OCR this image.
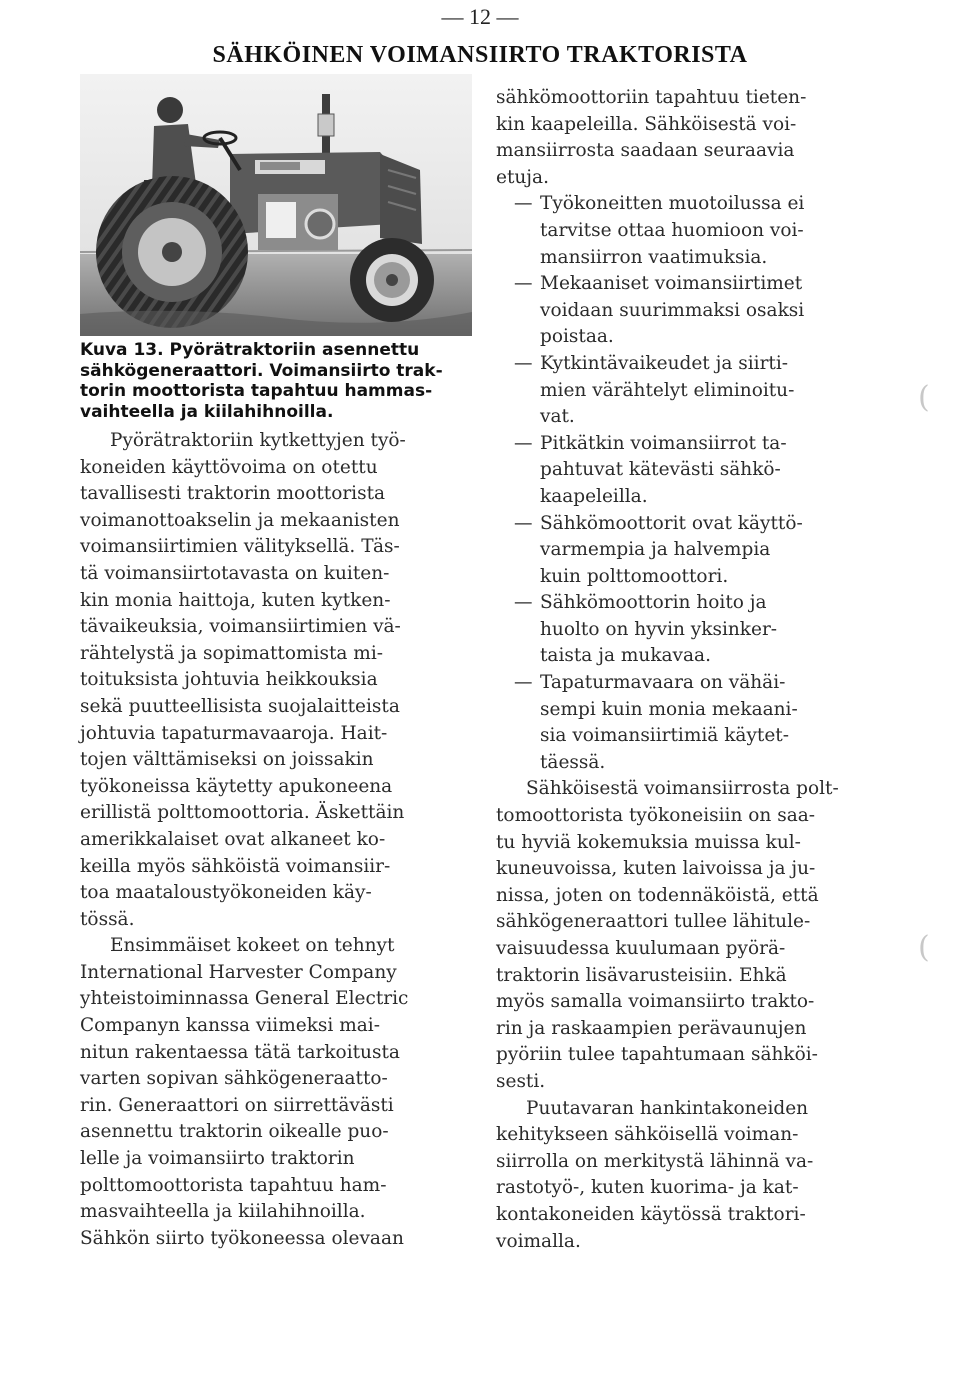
— 12 —
SÄHKÖINEN VOIMANSIIRTO TRAKTORISTA
Kuva 13. Pyörätraktoriin asennettu
sähkögeneraattori. Voimansiirto trak-
torin moottorista tapahtuu hammas-
vaihteella ja kiilahihnoilla.

Pyörätraktoriin kytkettyjen työ-

koneiden käyttövoima on otettu

tavallisesti traktorin moottorista

voimanottoakselin ja mekaanisten

voimansiirtimien välityksellä. Täs-

tä voimansiirtotavasta on kuiten-

kin monia haittoja, kuten kytken-

tävaikeuksia, voimansiirtimien vä-

rähtelystä ja sopimattomista mi-

toituksista johtuvia heikkouksia

sekä puutteellisista suojalaitteista

johtuvia tapaturmavaaroja. Hait-

tojen välttämiseksi on joissakin

työkoneissa käytetty apukoneena

erillistä polttomoottoria. Äskettäin

amerikkalaiset ovat alkaneet ko-

keilla myös sähköistä voimansiir-

toa maataloustyökoneiden käy-

tössä.

Ensimmäiset kokeet on tehnyt

International Harvester Company

yhteistoiminnassa General Electric

Companyn kanssa viimeksi mai-

nitun rakentaessa tätä tarkoitusta

varten sopivan sähkögeneraatto-

rin. Generaattori on siirrettävästi

asennettu traktorin oikealle puo-

lelle ja voimansiirto traktorin

polttomoottorista tapahtuu ham-

masvaihteella ja kiilahihnoilla.

Sähkön siirto työkoneessa olevaan

sähkömoottoriin tapahtuu tieten-

kin kaapeleilla. Sähköisestä voi-

mansiirrosta saadaan seuraavia

etuja.

— Työkoneitten muotoilussa ei

tarvitse ottaa huomioon voi-

mansiirron vaatimuksia.

— Mekaaniset voimansiirtimet

voidaan suurimmaksi osaksi

poistaa.

— Kytkintävaikeudet ja siirti-

mien värähtelyt eliminoitu-

vat.

— Pitkätkin voimansiirrot ta-

pahtuvat kätevästi sähkö-

kaapeleilla.

— Sähkömoottorit ovat käyttö-

varmempia ja halvempia

kuin polttomoottori.

— Sähkömoottorin hoito ja

huolto on hyvin yksinker-

taista ja mukavaa.

— Tapaturmavaara on vähäi-

sempi kuin monia mekaani-

sia voimansiirtimiä käytet-

täessä.

Sähköisestä voimansiirrosta polt-

tomoottorista työkoneisiin on saa-

tu hyviä kokemuksia muissa kul-

kuneuvoissa, kuten laivoissa ja ju-

nissa, joten on todennäköistä, että

sähkögeneraattori tullee lähitule-

vaisuudessa kuulumaan pyörä-

traktorin lisävarusteisiin. Ehkä

myös samalla voimansiirto trakto-

rin ja raskaampien perävaunujen

pyöriin tulee tapahtumaan sähköi-

sesti.

Puutavaran hankintakoneiden

kehitykseen sähköisellä voiman-

siirrolla on merkitystä lähinnä va-

rastotyö-, kuten kuorima- ja kat-

kontakoneiden käytössä traktori-

voimalla.

(
(
